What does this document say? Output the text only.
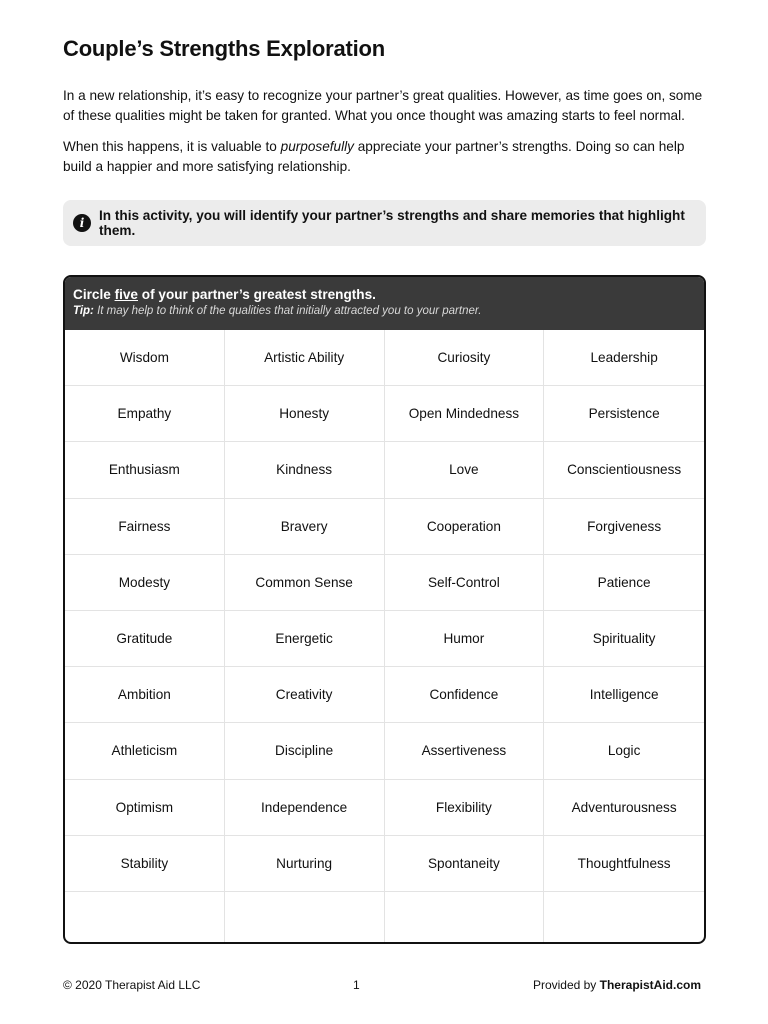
Couple’s Strengths Exploration

In a new relationship, it’s easy to recognize your partner’s great qualities. However, as time goes on, some of these qualities might be taken for granted. What you once thought was amazing starts to feel normal.

When this happens, it is valuable to purposefully appreciate your partner’s strengths. Doing so can help build a happier and more satisfying relationship.

i	In this activity, you will identify your partner’s strengths and share memories that highlight them.
Circle five of your partner’s greatest strengths.
Tip: It may help to think of the qualities that initially attracted you to your partner.
Wisdom	Artistic Ability	Curiosity	Leadership
Empathy	Honesty	Open Mindedness	Persistence
Enthusiasm	Kindness	Love	Conscientiousness
Fairness	Bravery	Cooperation	Forgiveness
Modesty	Common Sense	Self-Control	Patience
Gratitude	Energetic	Humor	Spirituality
Ambition	Creativity	Confidence	Intelligence
Athleticism	Discipline	Assertiveness	Logic
Optimism	Independence	Flexibility	Adventurousness
Stability	Nurturing	Spontaneity	Thoughtfulness
© 2020 Therapist Aid LLC	1	Provided by TherapistAid.com
